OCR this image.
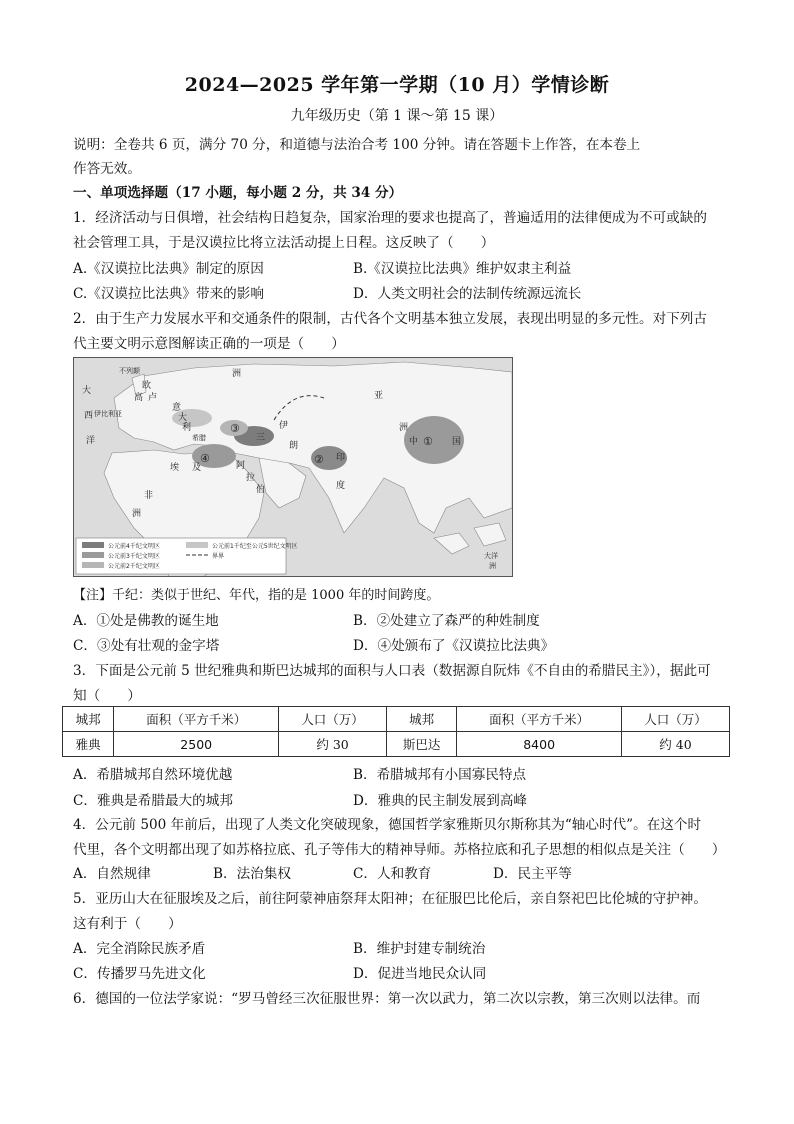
2024—2025 学年第一学期（10 月）学情诊断
九年级历史（第 1 课～第 15 课）
说明：全卷共 6 页，满分 70 分，和道德与法治合考 100 分钟。请在答题卡上作答，在本卷上
作答无效。
一、单项选择题（17 小题，每小题 2 分，共 34 分）
1．经济活动与日俱增，社会结构日趋复杂，国家治理的要求也提高了，普遍适用的法律便成为不可或缺的
社会管理工具，于是汉谟拉比将立法活动提上日程。这反映了（　　）
A.《汉谟拉比法典》制定的原因	B.《汉谟拉比法典》维护奴隶主利益
C.《汉谟拉比法典》带来的影响	D．人类文明社会的法制传统源远流长
2．由于生产力发展水平和交通条件的限制，古代各个文明基本独立发展，表现出明显的多元性。对下列古
代主要文明示意图解读正确的一项是（　　）
公元前4千纪文明区
公元前3千纪文明区
公元前2千纪文明区
公元前1千纪至公元5世纪文明区
界界
大
西
洋
不列颠
欧
高 卢
伊比利亚
意
大
利
洲
希腊	三
伊
朗
埃 及	阿
拉
伯
非
印
度
中	国
亚
洲
大洋
洲
洲
①
②
③
④
【注】千纪：类似于世纪、年代，指的是 1000 年的时间跨度。
A．①处是佛教的诞生地	B．②处建立了森严的种姓制度
C．③处有壮观的金字塔	D．④处颁布了《汉谟拉比法典》
3．下面是公元前 5 世纪雅典和斯巴达城邦的面积与人口表（数据源自阮炜《不自由的希腊民主》），据此可
知（　　）
城邦	面积（平方千米）	人口（万）	城邦	面积（平方千米）	人口（万）
雅典	2500	约 30	斯巴达	8400	约 40
A．希腊城邦自然环境优越	B．希腊城邦有小国寡民特点
C．雅典是希腊最大的城邦	D．雅典的民主制发展到高峰
4．公元前 500 年前后，出现了人类文化突破现象，德国哲学家雅斯贝尔斯称其为“轴心时代”。在这个时
代里，各个文明都出现了如苏格拉底、孔子等伟大的精神导师。苏格拉底和孔子思想的相似点是关注（　　）
A．自然规律	B．法治集权	C．人和教育	D．民主平等
5．亚历山大在征服埃及之后，前往阿蒙神庙祭拜太阳神；在征服巴比伦后，亲自祭祀巴比伦城的守护神。
这有利于（　　）
A．完全消除民族矛盾	B．维护封建专制统治
C．传播罗马先进文化	D．促进当地民众认同
6．德国的一位法学家说：“罗马曾经三次征服世界：第一次以武力，第二次以宗教，第三次则以法律。而
